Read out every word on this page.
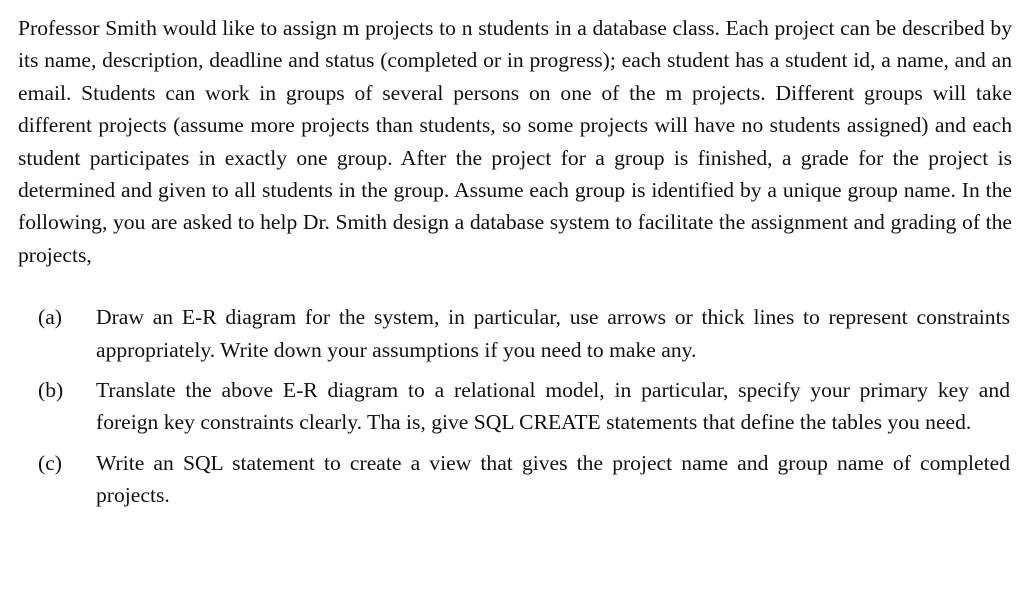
Professor Smith would like to assign m projects to n students in a database class. Each project can be described by its name, description, deadline and status (completed or in progress); each student has a student id, a name, and an email. Students can work in groups of several persons on one of the m projects. Different groups will take different projects (assume more projects than students, so some projects will have no students assigned) and each student participates in exactly one group. After the project for a group is finished, a grade for the project is determined and given to all students in the group. Assume each group is identified by a unique group name. In the following, you are asked to help Dr. Smith design a database system to facilitate the assignment and grading of the projects,

(a)	Draw an E-R diagram for the system, in particular, use arrows or thick lines to represent constraints appropriately. Write down your assumptions if you need to make any.
(b)	Translate the above E-R diagram to a relational model, in particular, specify your primary key and foreign key constraints clearly. Tha is, give SQL CREATE statements that define the tables you need.
(c)	Write an SQL statement to create a view that gives the project name and group name of completed projects.
